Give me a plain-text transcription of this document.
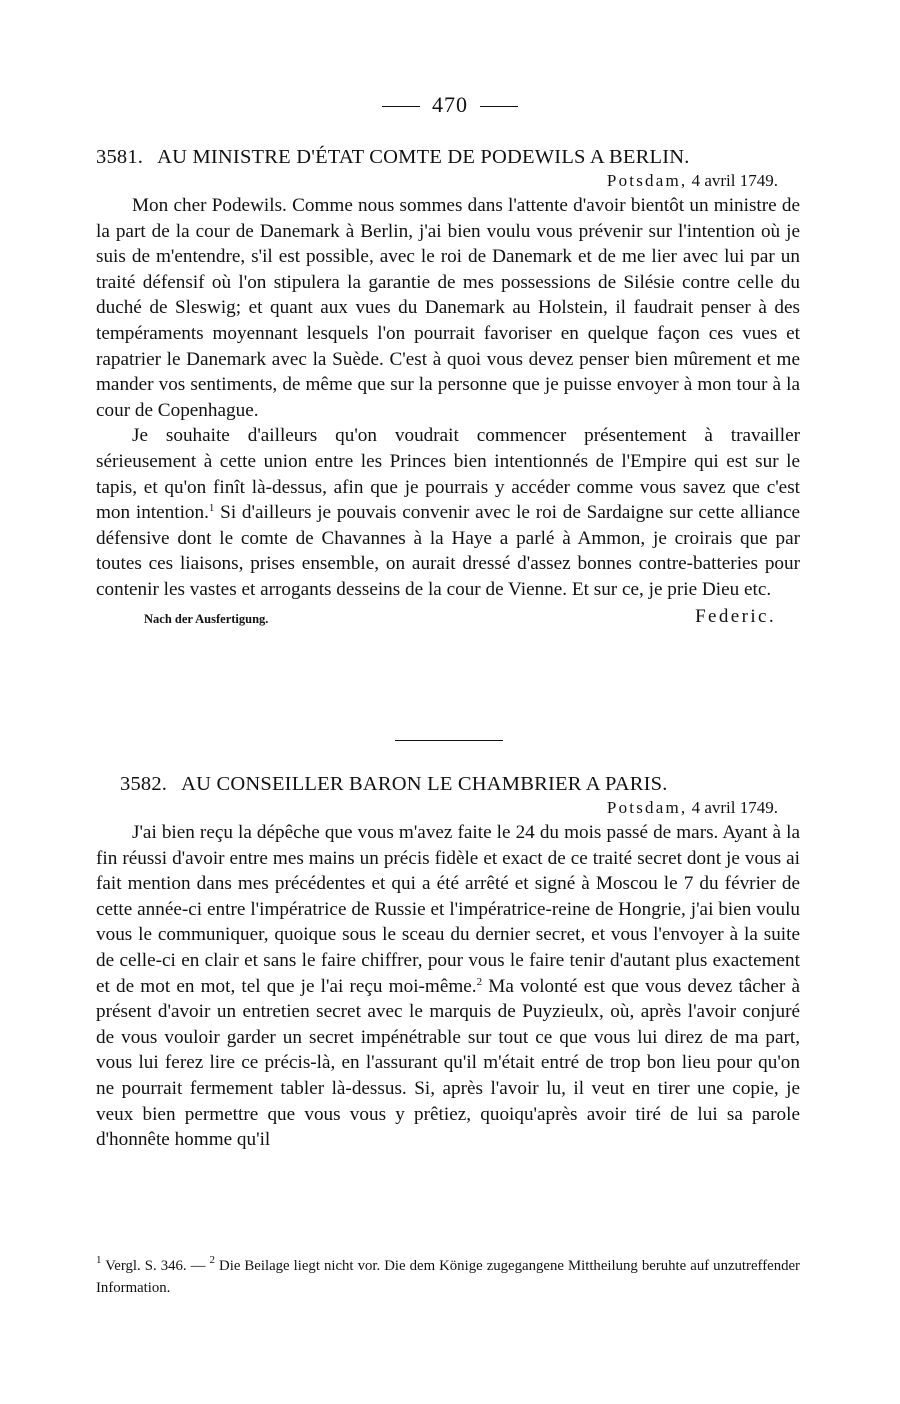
470
3581. AU MINISTRE D'ÉTAT COMTE DE PODEWILS A BERLIN.
Potsdam, 4 avril 1749.

Mon cher Podewils. Comme nous sommes dans l'attente d'avoir bientôt un ministre de la part de la cour de Danemark à Berlin, j'ai bien voulu vous prévenir sur l'intention où je suis de m'entendre, s'il est possible, avec le roi de Danemark et de me lier avec lui par un traité défensif où l'on stipulera la garantie de mes possessions de Silésie contre celle du duché de Sleswig; et quant aux vues du Danemark au Holstein, il faudrait penser à des tempéraments moyennant lesquels l'on pourrait favoriser en quelque façon ces vues et rapatrier le Danemark avec la Suède. C'est à quoi vous devez penser bien mûrement et me mander vos sentiments, de même que sur la personne que je puisse envoyer à mon tour à la cour de Copenhague.

Je souhaite d'ailleurs qu'on voudrait commencer présentement à travailler sérieusement à cette union entre les Princes bien intentionnés de l'Empire qui est sur le tapis, et qu'on finît là-dessus, afin que je pourrais y accéder comme vous savez que c'est mon intention.$^1$ Si d'ailleurs je pouvais convenir avec le roi de Sardaigne sur cette alliance défensive dont le comte de Chavannes à la Haye a parlé à Ammon, je croirais que par toutes ces liaisons, prises ensemble, on aurait dressé d'assez bonnes contre-batteries pour contenir les vastes et arrogants desseins de la cour de Vienne. Et sur ce, je prie Dieu etc.

Nach der Ausfertigung.	Federic.
3582. AU CONSEILLER BARON LE CHAMBRIER A PARIS.
Potsdam, 4 avril 1749.

J'ai bien reçu la dépêche que vous m'avez faite le 24 du mois passé de mars. Ayant à la fin réussi d'avoir entre mes mains un précis fidèle et exact de ce traité secret dont je vous ai fait mention dans mes précédentes et qui a été arrêté et signé à Moscou le 7 du février de cette année-ci entre l'impératrice de Russie et l'impératrice-reine de Hongrie, j'ai bien voulu vous le communiquer, quoique sous le sceau du dernier secret, et vous l'envoyer à la suite de celle-ci en clair et sans le faire chiffrer, pour vous le faire tenir d'autant plus exactement et de mot en mot, tel que je l'ai reçu moi-même.$^2$ Ma volonté est que vous devez tâcher à présent d'avoir un entretien secret avec le marquis de Puyzieulx, où, après l'avoir conjuré de vous vouloir garder un secret impénétrable sur tout ce que vous lui direz de ma part, vous lui ferez lire ce précis-là, en l'assurant qu'il m'était entré de trop bon lieu pour qu'on ne pourrait fermement tabler là-dessus. Si, après l'avoir lu, il veut en tirer une copie, je veux bien permettre que vous vous y prêtiez, quoiqu'après avoir tiré de lui sa parole d'honnête homme qu'il

$^1$ Vergl. S. 346. — $^2$ Die Beilage liegt nicht vor. Die dem Könige zugegangene Mittheilung beruhte auf unzutreffender Information.
